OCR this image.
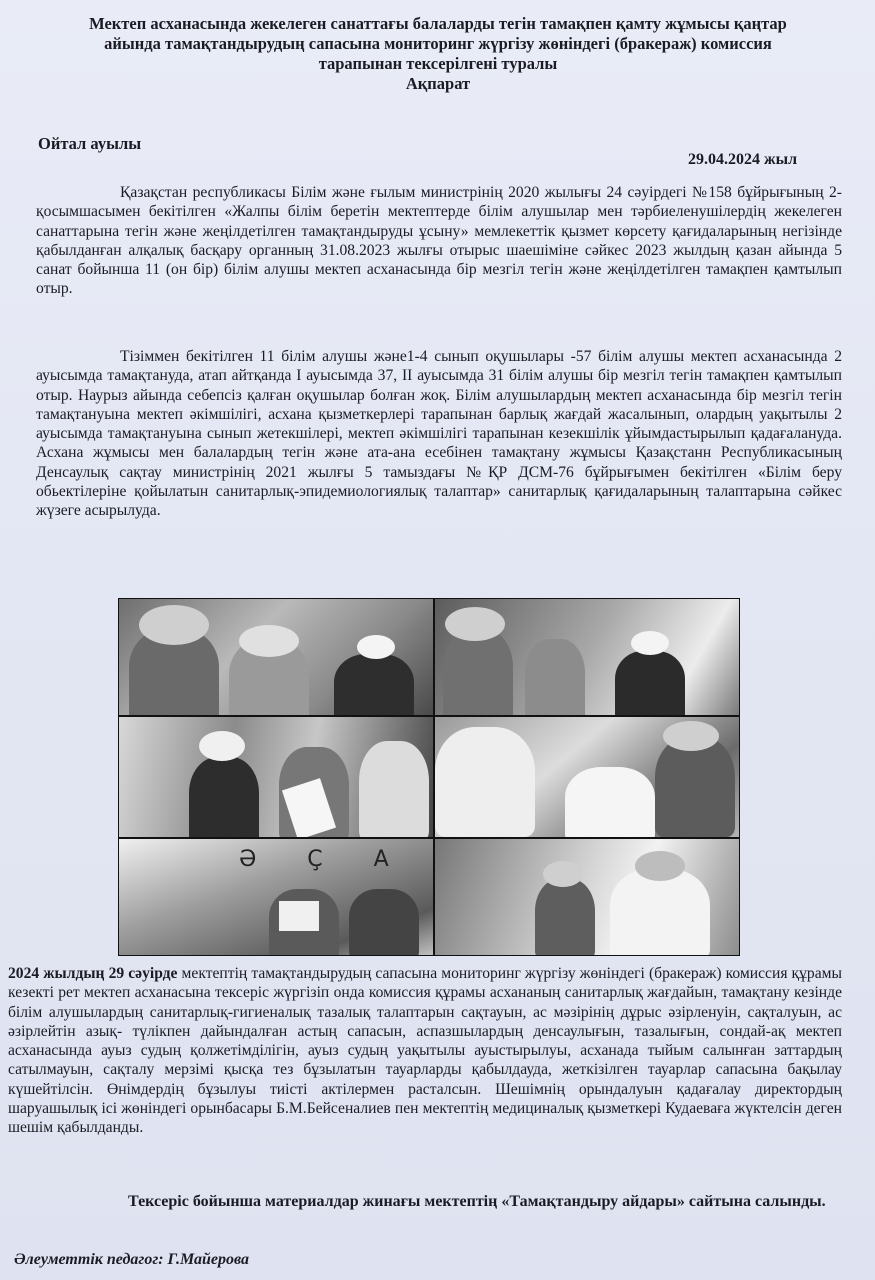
Мектеп асханасында жекелеген санаттағы балаларды тегін тамақпен қамту жұмысы қаңтар
айында тамақтандырудың сапасына мониторинг жүргізу жөніндегі (бракераж) комиссия
тарапынан тексерілгені туралы
Ақпарат
Ойтал ауылы
29.04.2024 жыл
Қазақстан республикасы Білім және ғылым министрінің 2020 жылығы 24 сәуірдегі №158 бұйрығының 2-қосымшасымен бекітілген «Жалпы білім беретін мектептерде білім алушылар мен тәрбиеленушілердің жекелеген санаттарына тегін және жеңілдетілген тамақтандыруды ұсыну» мемлекеттік қызмет көрсету қағидаларының негізінде қабылданған алқалық басқару органның 31.08.2023 жылғы отырыс шаешіміне сәйкес 2023 жылдың қазан айында 5 санат бойынша 11 (он бір) білім алушы мектеп асханасында бір мезгіл тегін және жеңілдетілген тамақпен қамтылып отыр.
Тізіммен бекітілген 11 білім алушы және1-4 сынып оқушылары -57 білім алушы мектеп асханасында 2 ауысымда тамақтануда, атап айтқанда І ауысымда 37, ІІ ауысымда 31 білім алушы бір мезгіл тегін тамақпен қамтылып отыр. Наурыз айында себепсіз қалған оқушылар болған жоқ. Білім алушылардың мектеп асханасында бір мезгіл тегін тамақтануына мектеп әкімшілігі, асхана қызметкерлері тарапынан барлық жағдай жасалынып, олардың уақытылы 2 ауысымда тамақтануына сынып жетекшілері, мектеп әкімшілігі тарапынан кезекшілік ұйымдастырылып қадағалануда. Асхана жұмысы мен балалардың тегін және ата-ана есебінен тамақтану жұмысы Қазақстанн Республикасының Денсаулық сақтау министрінің 2021 жылғы 5 тамыздағы №ҚР ДСМ-76 бұйрығымен бекітілген «Білім беру обьектілеріне қойылатын санитарлық-эпидемиологиялық талаптар» санитарлық қағидаларының талаптарына сәйкес жүзеге асырылуда.
Ә Ç А
2024 жылдың 29 сәуірде мектептің тамақтандырудың сапасына мониторинг жүргізу жөніндегі (бракераж) комиссия құрамы кезекті рет мектеп асханасына тексеріс жүргізіп онда комиссия құрамы асхананың санитарлық жағдайын, тамақтану кезінде білім алушылардың санитарлық-гигиеналық тазалық талаптарын сақтауын, ас мәзірінің дұрыс әзірленуін, сақталуын, ас әзірлейтін азық- түлікпен дайындалған астың сапасын, аспазшылардың денсаулығын, тазалығын, сондай-ақ мектеп асханасында ауыз судың қолжетімділігін, ауыз судың уақытылы ауыстырылуы, асханада тыйым салынған заттардың сатылмауын, сақталу мерзімі қысқа тез бұзылатын тауарларды қабылдауда, жеткізілген тауарлар сапасына бақылау күшейтілсін. Өнімдердің бұзылуы тиісті актілермен расталсын. Шешімнің орындалуын қадағалау директордың шаруашылық ісі жөніндегі орынбасары Б.М.Бейсеналиев пен мектептің медициналық қызметкері Кудаеваға жүктелсін деген шешім қабылданды.
Тексеріс бойынша материалдар жинағы мектептің «Тамақтандыру айдары» сайтына салынды.
Әлеуметтік педагог: Г.Майерова
